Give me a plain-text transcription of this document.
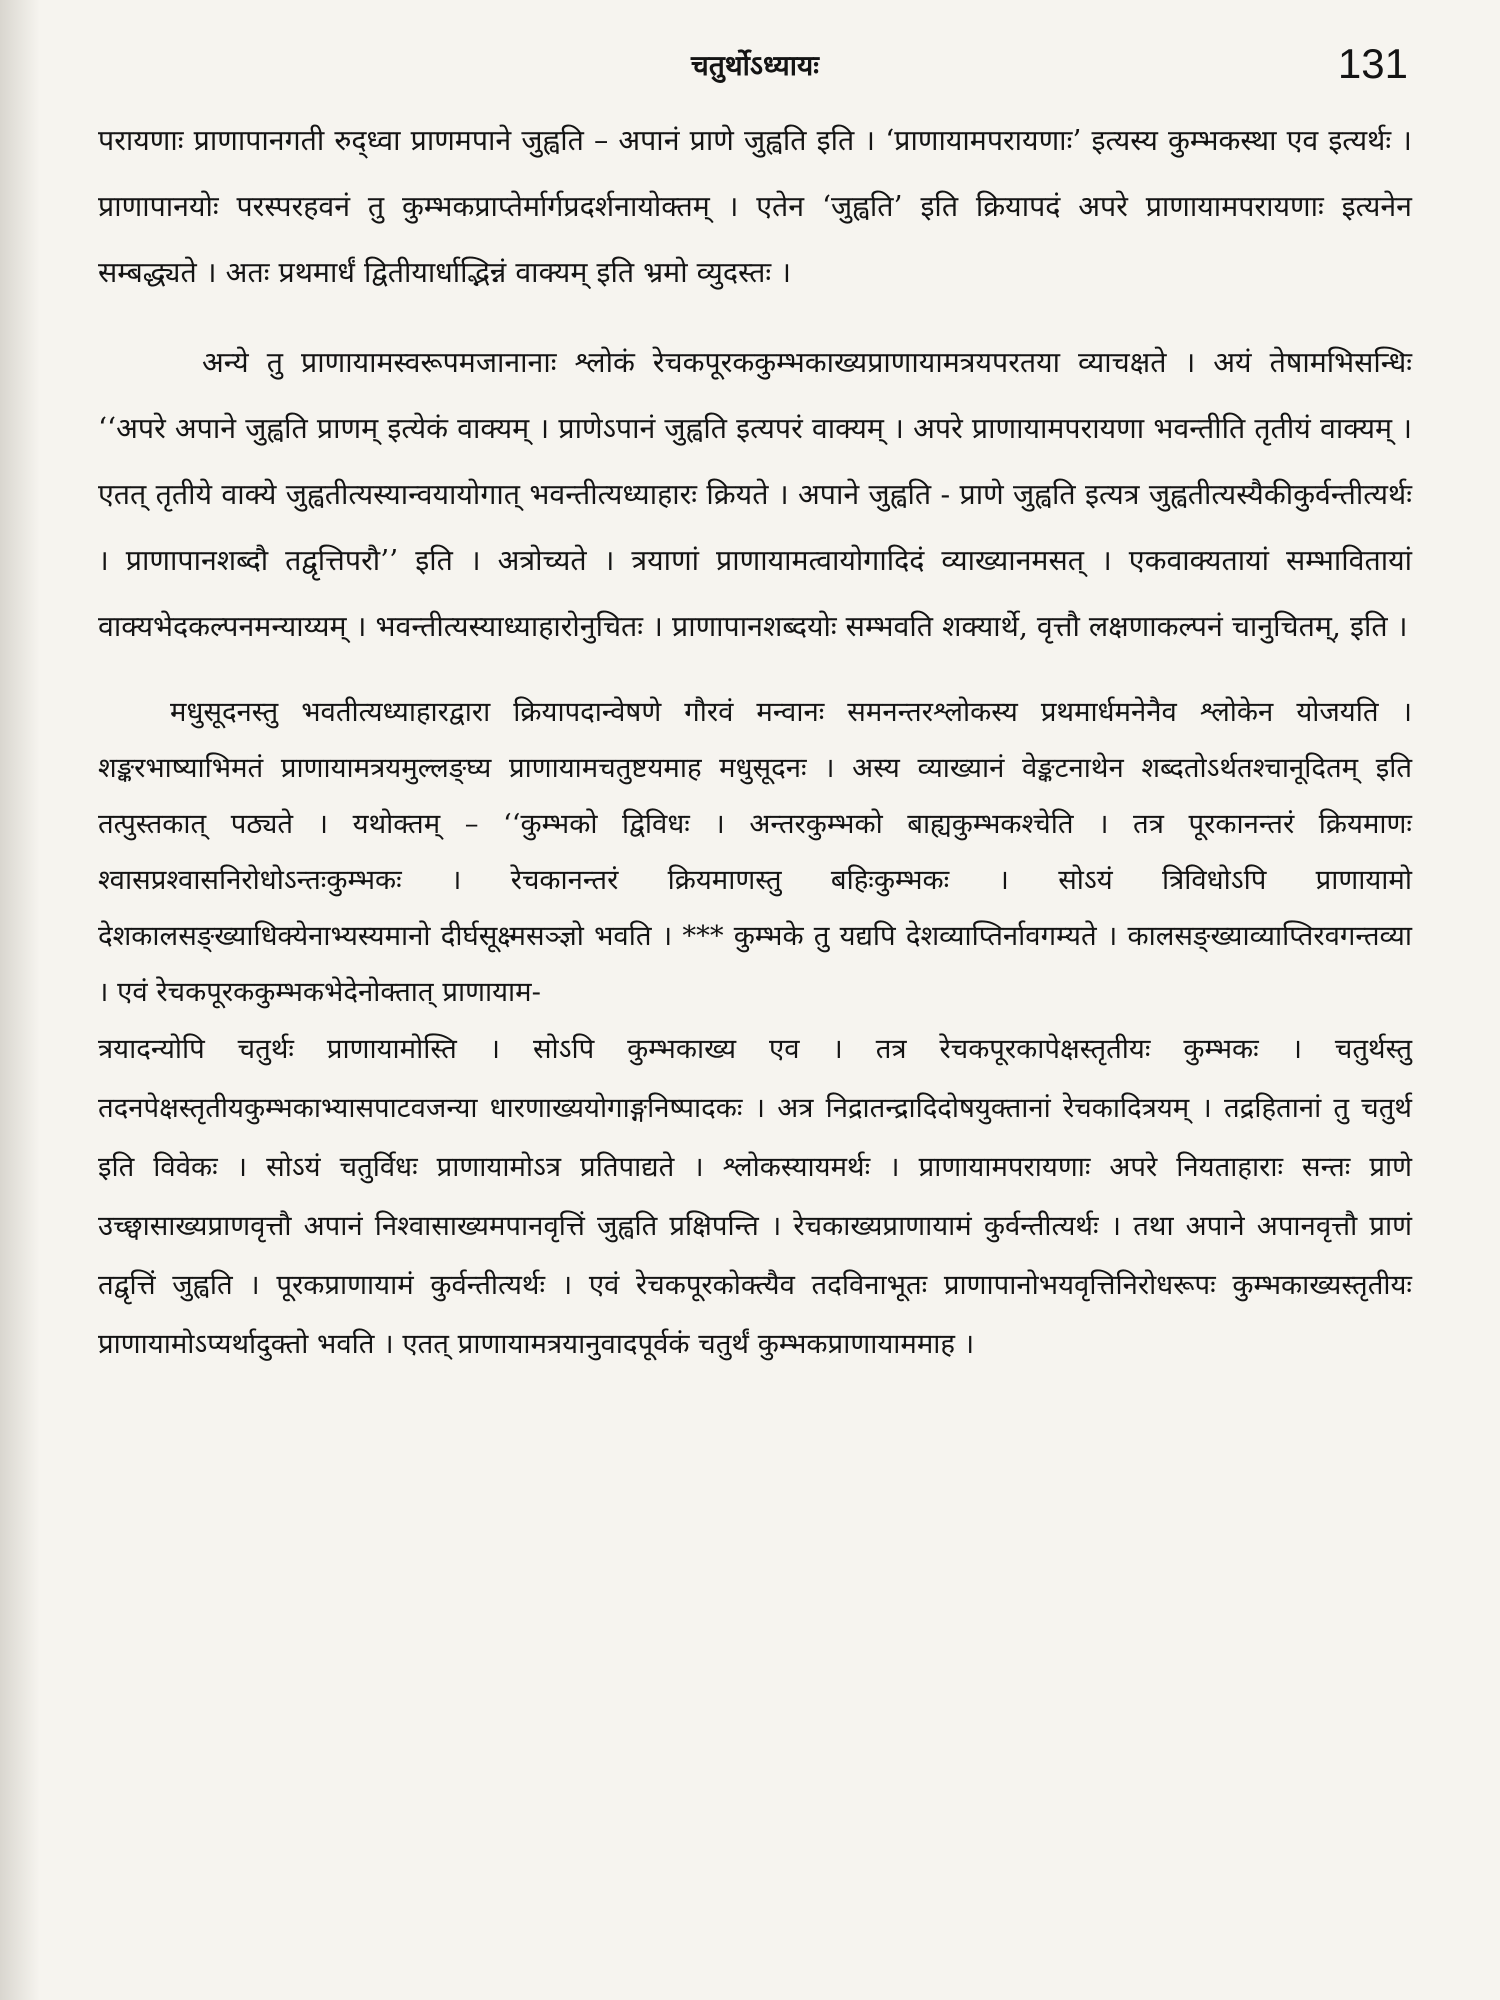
चतुर्थोऽध्यायः	131

परायणाः प्राणापानगती रुद्ध्वा प्राणमपाने जुह्वति – अपानं प्राणे जुह्वति इति । ‘प्राणायामपरायणाः’ इत्यस्य कुम्भकस्था एव इत्यर्थः । प्राणापानयोः परस्परहवनं तु कुम्भकप्राप्तेर्मार्गप्रदर्शनायोक्तम् । एतेन ‘जुह्वति’ इति क्रियापदं अपरे प्राणायामपरायणाः इत्यनेन सम्बद्ध्यते । अतः प्रथमार्धं द्वितीयार्धाद्भिन्नं वाक्यम् इति भ्रमो व्युदस्तः ।

अन्ये तु प्राणायामस्वरूपमजानानाः श्लोकं रेचकपूरककुम्भकाख्यप्राणायामत्रयपरतया व्याचक्षते । अयं तेषामभिसन्धिः ‘‘अपरे अपाने जुह्वति प्राणम् इत्येकं वाक्यम् । प्राणेऽपानं जुह्वति इत्यपरं वाक्यम् । अपरे प्राणायामपरायणा भवन्तीति तृतीयं वाक्यम् । एतत् तृतीये वाक्ये जुह्वतीत्यस्यान्वयायोगात् भवन्तीत्यध्याहारः क्रियते । अपाने जुह्वति - प्राणे जुह्वति इत्यत्र जुह्वतीत्यस्यैकीकुर्वन्तीत्यर्थः । प्राणापानशब्दौ तद्वृत्तिपरौ’’ इति । अत्रोच्यते । त्रयाणां प्राणायामत्वायोगादिदं व्याख्यानमसत् । एकवाक्यतायां सम्भावितायां वाक्यभेदकल्पनमन्याय्यम् । भवन्तीत्यस्याध्याहारोनुचितः । प्राणापानशब्दयोः सम्भवति शक्यार्थे, वृत्तौ लक्षणाकल्पनं चानुचितम्, इति ।

मधुसूदनस्तु भवतीत्यध्याहारद्वारा क्रियापदान्वेषणे गौरवं मन्वानः समनन्तरश्लोकस्य प्रथमार्धमनेनैव श्लोकेन योजयति । शङ्करभाष्याभिमतं प्राणायामत्रयमुल्लङ्घ्य प्राणायामचतुष्टयमाह मधुसूदनः । अस्य व्याख्यानं वेङ्कटनाथेन शब्दतोऽर्थतश्चानूदितम् इति तत्पुस्तकात् पठ्यते । यथोक्तम् – ‘‘कुम्भको द्विविधः । अन्तरकुम्भको बाह्यकुम्भकश्चेति । तत्र पूरकानन्तरं क्रियमाणः श्वासप्रश्वासनिरोधोऽन्तःकुम्भकः । रेचकानन्तरं क्रियमाणस्तु बहिःकुम्भकः । सोऽयं त्रिविधोऽपि प्राणायामो देशकालसङ्ख्याधिक्येनाभ्यस्यमानो दीर्घसूक्ष्मसञ्ज्ञो भवति । *** कुम्भके तु यद्यपि देशव्याप्तिर्नावगम्यते । कालसङ्ख्याव्याप्तिरवगन्तव्या । एवं रेचकपूरककुम्भकभेदेनोक्तात् प्राणायाम-

त्रयादन्योपि चतुर्थः प्राणायामोस्ति । सोऽपि कुम्भकाख्य एव । तत्र रेचकपूरकापेक्षस्तृतीयः कुम्भकः । चतुर्थस्तु तदनपेक्षस्तृतीयकुम्भकाभ्यासपाटवजन्या धारणाख्ययोगाङ्गनिष्पादकः । अत्र निद्रातन्द्रादिदोषयुक्तानां रेचकादित्रयम् । तद्रहितानां तु चतुर्थ इति विवेकः । सोऽयं चतुर्विधः प्राणायामोऽत्र प्रतिपाद्यते । श्लोकस्यायमर्थः । प्राणायामपरायणाः अपरे नियताहाराः सन्तः प्राणे उच्छ्वासाख्यप्राणवृत्तौ अपानं निश्वासाख्यमपानवृत्तिं जुह्वति प्रक्षिपन्ति । रेचकाख्यप्राणायामं कुर्वन्तीत्यर्थः । तथा अपाने अपानवृत्तौ प्राणं तद्वृत्तिं जुह्वति । पूरकप्राणायामं कुर्वन्तीत्यर्थः । एवं रेचकपूरकोक्त्यैव तदविनाभूतः प्राणापानोभयवृत्तिनिरोधरूपः कुम्भकाख्यस्तृतीयः प्राणायामोऽप्यर्थादुक्तो भवति । एतत् प्राणायामत्रयानुवादपूर्वकं चतुर्थं कुम्भकप्राणायाममाह ।
